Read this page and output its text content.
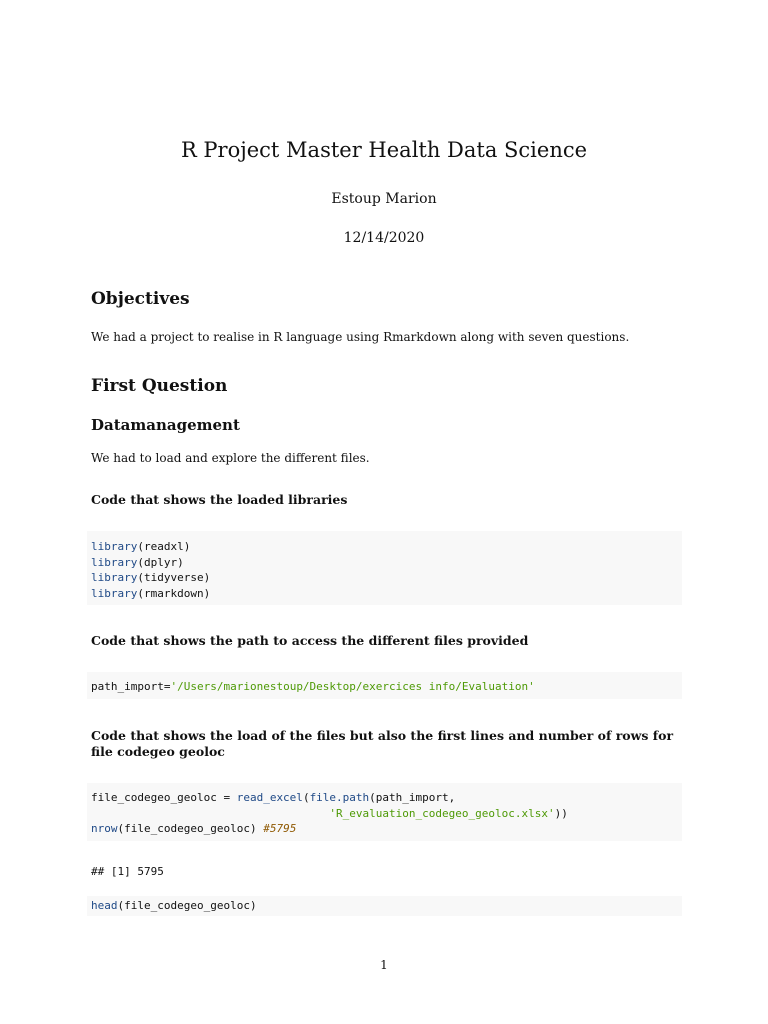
R Project Master Health Data Science
Estoup Marion
12/14/2020
Objectives
We had a project to realise in R language using Rmarkdown along with seven questions.
First Question
Datamanagement
We had to load and explore the different files.
Code that shows the loaded libraries
library(readxl)
library(dplyr)
library(tidyverse)
library(rmarkdown)
Code that shows the path to access the different files provided
path_import='/Users/marionestoup/Desktop/exercices info/Evaluation'
Code that shows the load of the files but also the first lines and number of rows for file codegeo geoloc
file_codegeo_geoloc = read_excel(file.path(path_import,
'R_evaluation_codegeo_geoloc.xlsx'))
nrow(file_codegeo_geoloc) #5795
## [1] 5795
head(file_codegeo_geoloc)
1
